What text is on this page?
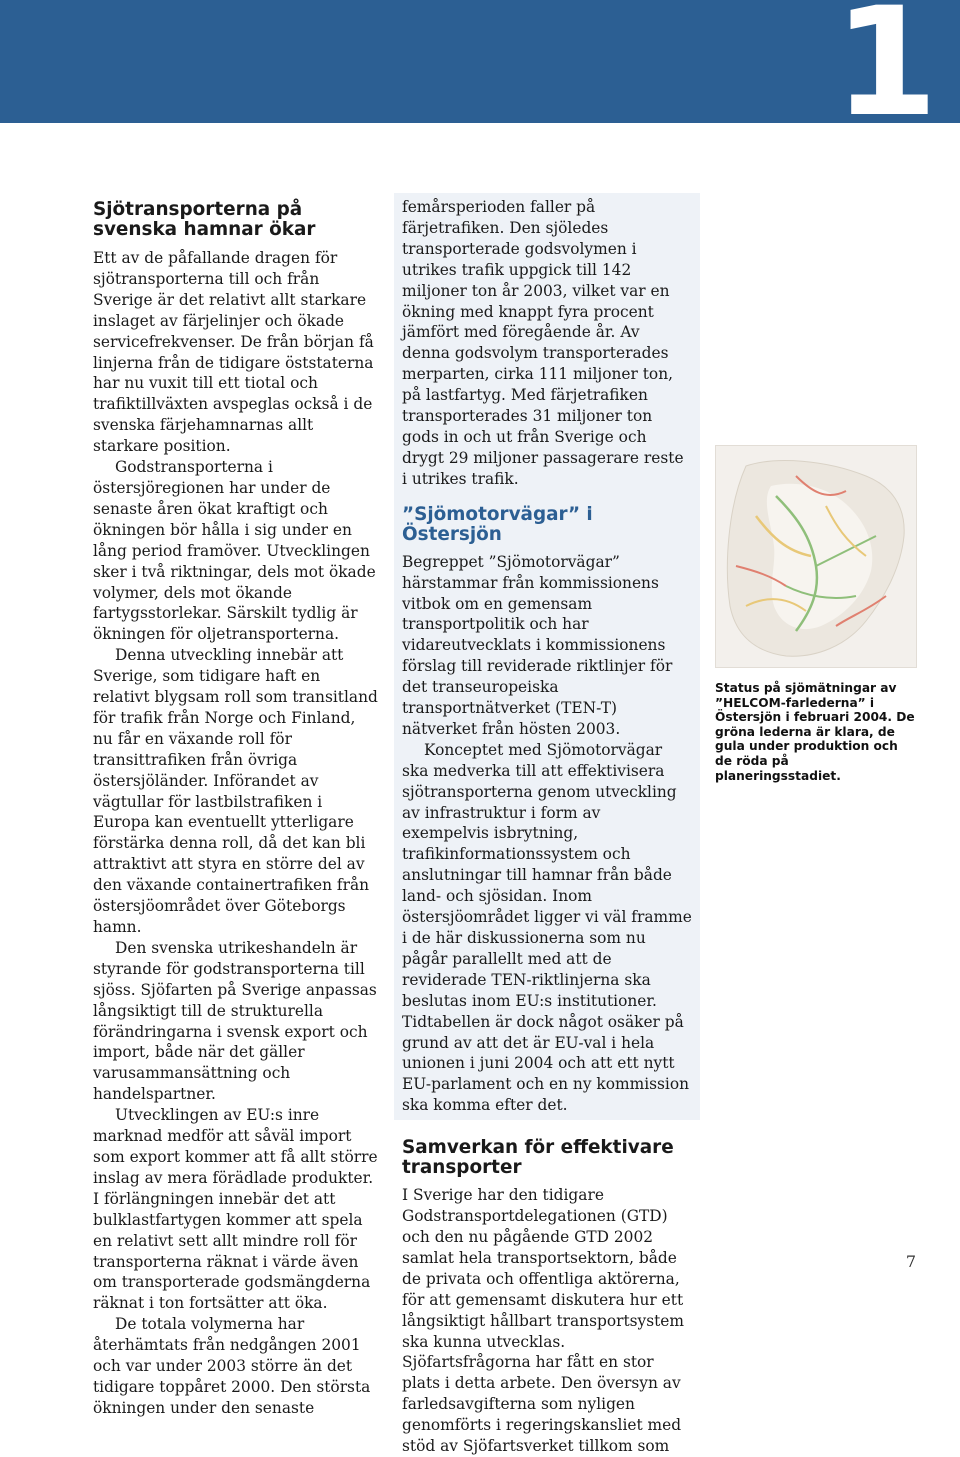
1
Sjötransporterna på svenska hamnar ökar

Ett av de påfallande dragen för sjötransporterna till och från Sverige är det relativt allt starkare inslaget av färjelinjer och ökade servicefrekvenser. De från början få linjerna från de tidigare öststaterna har nu vuxit till ett tiotal och trafiktillväxten avspeglas också i de svenska färjehamnarnas allt starkare position.

Godstransporterna i östersjöregionen har under de senaste åren ökat kraftigt och ökningen bör hålla i sig under en lång period framöver. Utvecklingen sker i två riktningar, dels mot ökade volymer, dels mot ökande fartygsstorlekar. Särskilt tydlig är ökningen för oljetransporterna.

Denna utveckling innebär att Sverige, som tidigare haft en relativt blygsam roll som transitland för trafik från Norge och Finland, nu får en växande roll för transittrafiken från övriga östersjöländer. Införandet av vägtullar för lastbilstrafiken i Europa kan eventuellt ytterligare förstärka denna roll, då det kan bli attraktivt att styra en större del av den växande containertrafiken från östersjöområdet över Göteborgs hamn.

Den svenska utrikeshandeln är styrande för godstransporterna till sjöss. Sjöfarten på Sverige anpassas långsiktigt till de strukturella förändringarna i svensk export och import, både när det gäller varusammansättning och handelspartner.

Utvecklingen av EU:s inre marknad medför att såväl import som export kommer att få allt större inslag av mera förädlade produkter. I förlängningen innebär det att bulklastfartygen kommer att spela en relativt sett allt mindre roll för transporterna räknat i värde även om transporterade godsmängderna räknat i ton fortsätter att öka.

De totala volymerna har återhämtats från nedgången 2001 och var under 2003 större än det tidigare toppåret 2000. Den största ökningen under den senaste

femårsperioden faller på färjetrafiken. Den sjöledes transporterade godsvolymen i utrikes trafik uppgick till 142 miljoner ton år 2003, vilket var en ökning med knappt fyra procent jämfört med föregående år. Av denna godsvolym transporterades merparten, cirka 111 miljoner ton, på lastfartyg. Med färjetrafiken transporterades 31 miljoner ton gods in och ut från Sverige och drygt 29 miljoner passagerare reste i utrikes trafik.

”Sjömotorvägar” i Östersjön

Begreppet ”Sjömotorvägar” härstammar från kommissionens vitbok om en gemensam transportpolitik och har vidareutvecklats i kommissionens förslag till reviderade riktlinjer för det transeuropeiska transportnätverket (TEN-T) nätverket från hösten 2003.

Konceptet med Sjömotorvägar ska medverka till att effektivisera sjötransporterna genom utveckling av infrastruktur i form av exempelvis isbrytning, trafikinformationssystem och anslutningar till hamnar från både land- och sjösidan. Inom östersjöområdet ligger vi väl framme i de här diskussionerna som nu pågår parallellt med att de reviderade TEN-riktlinjerna ska beslutas inom EU:s institutioner. Tidtabellen är dock något osäker på grund av att det är EU-val i hela unionen i juni 2004 och att ett nytt EU-parlament och en ny kommission ska komma efter det.

Samverkan för effektivare transporter

I Sverige har den tidigare Godstransportdelegationen (GTD) och den nu pågående GTD 2002 samlat hela transportsektorn, både de privata och offentliga aktörerna, för att gemensamt diskutera hur ett långsiktigt hållbart transportsystem ska kunna utvecklas. Sjöfartsfrågorna har fått en stor plats i detta arbete. Den översyn av farledsavgifterna som nyligen genomförts i regeringskansliet med stöd av Sjöfartsverket tillkom som

Status på sjömätningar av ”HELCOM-farlederna” i Östersjön i februari 2004. De gröna lederna är klara, de gula under produktion och de röda på planeringsstadiet.
7
